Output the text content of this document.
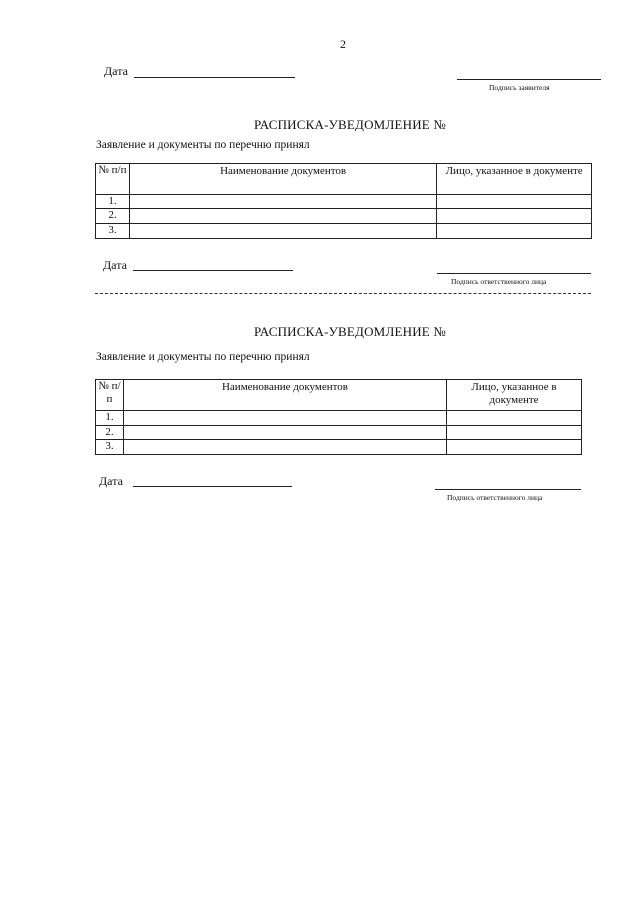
2
Дата
Подпись заявителя
РАСПИСКА-УВЕДОМЛЕНИЕ №
Заявление и документы по перечню принял
№ п/п	Наименование документов	Лицо, указанное в документе
1.		
2.		
3.		
Дата
Подпись ответственного лица
РАСПИСКА-УВЕДОМЛЕНИЕ №
Заявление и документы по перечню принял
№ п/п	Наименование документов	Лицо, указанное в документе
1.		
2.		
3.		
Дата
Подпись ответственного лица
